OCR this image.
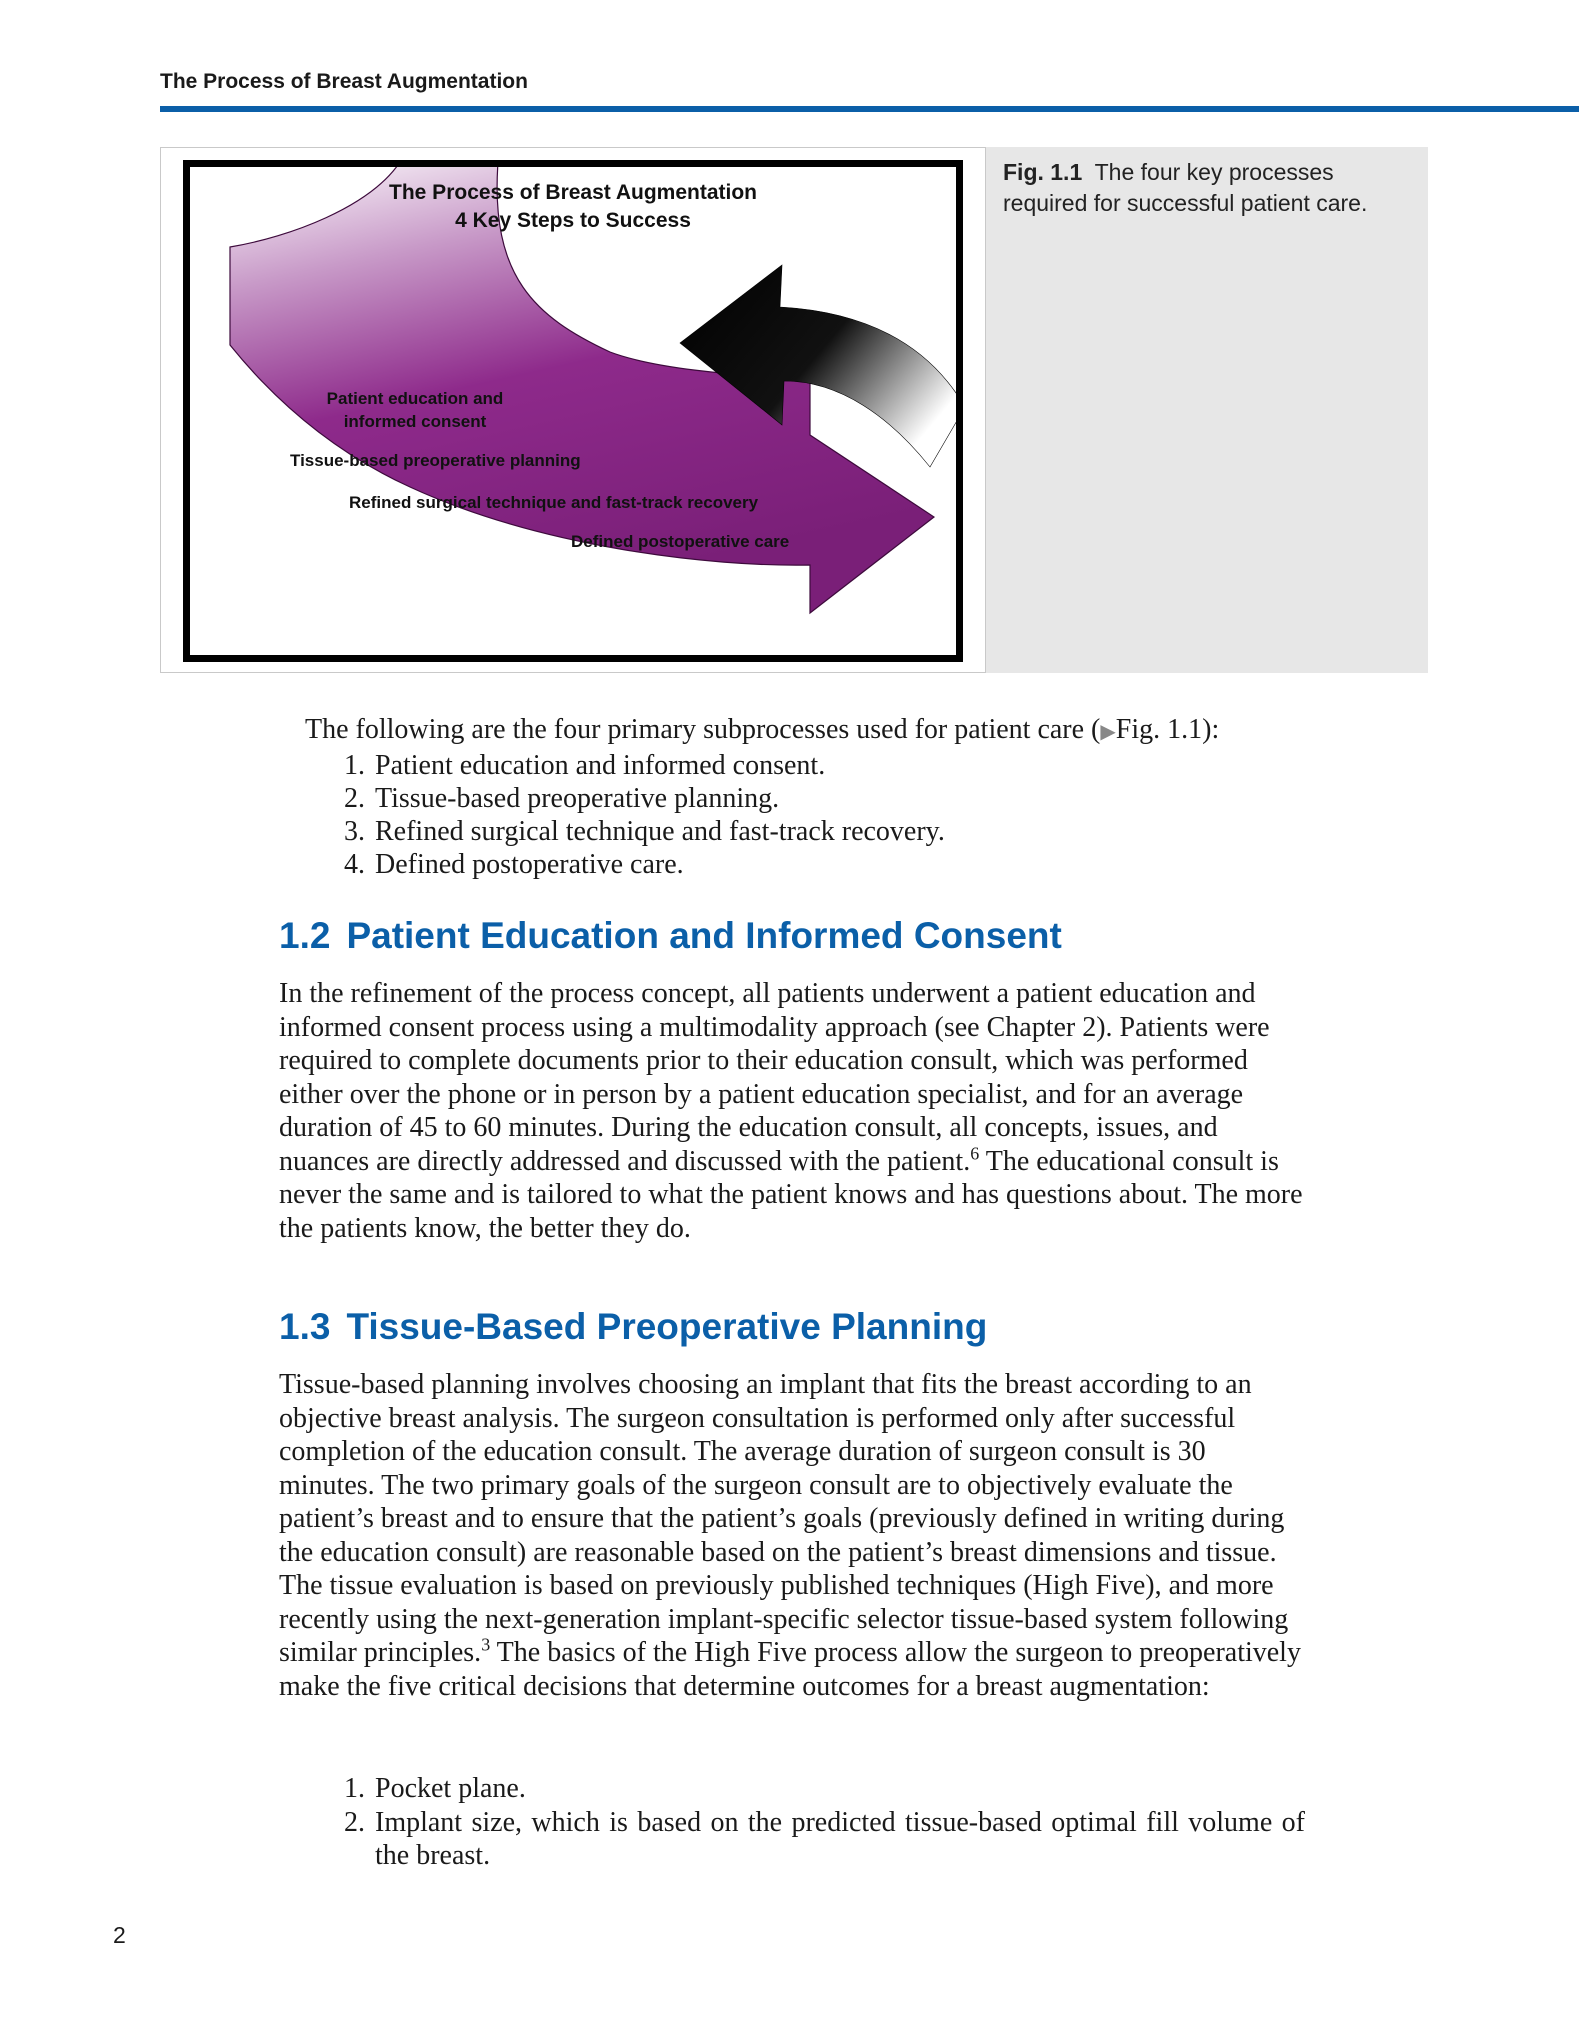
The Process of Breast Augmentation
The Process of Breast Augmentation
4 Key Steps to Success
Patient education and
informed consent
Tissue-based preoperative planning
Refined surgical technique and fast-track recovery
Defined postoperative care
Fig. 1.1 The four key processes required for successful patient care.
The following are the four primary subprocesses used for patient care (▶Fig. 1.1):
1. Patient education and informed consent.
2. Tissue-based preoperative planning.
3. Refined surgical technique and fast-track recovery.
4. Defined postoperative care.
1.2 Patient Education and Informed Consent

In the refinement of the process concept, all patients underwent a patient education and informed consent process using a multimodality approach (see Chapter 2). Patients were required to complete documents prior to their education consult, which was performed either over the phone or in person by a patient education specialist, and for an average duration of 45 to 60 minutes. During the education consult, all concepts, issues, and nuances are directly addressed and discussed with the patient.$^6$ The educational consult is never the same and is tailored to what the patient knows and has questions about. The more the patients know, the better they do.

1.3 Tissue-Based Preoperative Planning

Tissue-based planning involves choosing an implant that fits the breast according to an objective breast analysis. The surgeon consultation is performed only after successful completion of the education consult. The average duration of surgeon consult is 30 minutes. The two primary goals of the surgeon consult are to objectively evaluate the patient’s breast and to ensure that the patient’s goals (previously defined in writing during the education consult) are reasonable based on the patient’s breast dimensions and tissue. The tissue evaluation is based on previously published techniques (High Five), and more recently using the next-generation implant-specific selector tissue-based system following similar principles.$^3$ The basics of the High Five process allow the surgeon to preoperatively make the five critical decisions that determine outcomes for a breast augmentation:

1. Pocket plane.
2. Implant size, which is based on the predicted tissue-based optimal fill volume of the breast.
2
